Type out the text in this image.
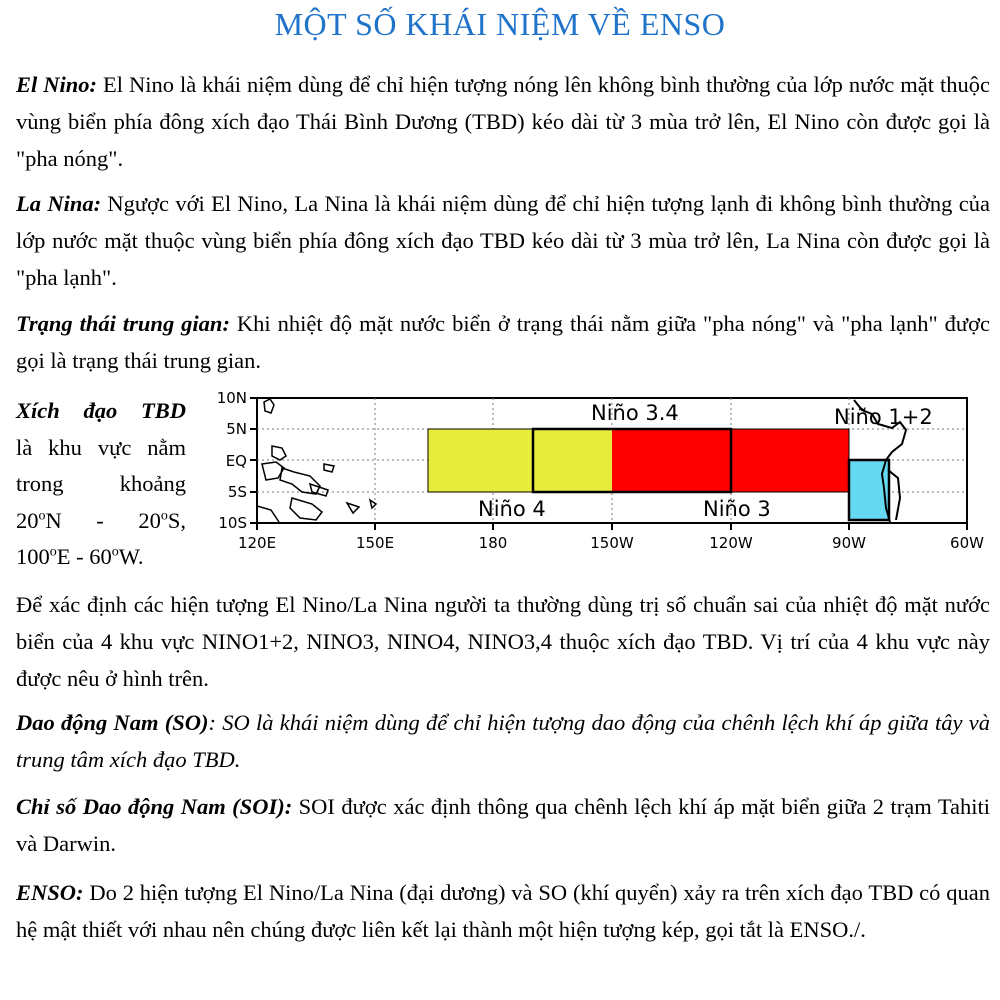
MỘT SỐ KHÁI NIỆM VỀ ENSO
El Nino: El Nino là khái niệm dùng để chỉ hiện tượng nóng lên không bình thường của lớp nước mặt thuộc vùng biển phía đông xích đạo Thái Bình Dương (TBD) kéo dài từ 3 mùa trở lên, El Nino còn được gọi là "pha nóng".
La Nina: Ngược với El Nino, La Nina là khái niệm dùng để chỉ hiện tượng lạnh đi không bình thường của lớp nước mặt thuộc vùng biển phía đông xích đạo TBD kéo dài từ 3 mùa trở lên, La Nina còn được gọi là "pha lạnh".
Trạng thái trung gian: Khi nhiệt độ mặt nước biển ở trạng thái nằm giữa "pha nóng" và "pha lạnh" được gọi là trạng thái trung gian.
Xích đạo TBD
là khu vực nằm
trong	khoảng
20$^o$N - 20$^o$S,
100$^o$E - 60$^o$W.
10N
5N
EQ
5S
10S
120E	150E	180	150W	120W	90W	60W
Niño 3.4
Niño 4	Niño 3
Niño 1+2
Để xác định các hiện tượng El Nino/La Nina người ta thường dùng trị số chuẩn sai của nhiệt độ mặt nước biển của 4 khu vực NINO1+2, NINO3, NINO4, NINO3,4 thuộc xích đạo TBD. Vị trí của 4 khu vực này được nêu ở hình trên.
Dao động Nam (SO): SO là khái niệm dùng để chỉ hiện tượng dao động của chênh lệch khí áp giữa tây và trung tâm xích đạo TBD.
Chỉ số Dao động Nam (SOI): SOI được xác định thông qua chênh lệch khí áp mặt biển giữa 2 trạm Tahiti và Darwin.
ENSO: Do 2 hiện tượng El Nino/La Nina (đại dương) và SO (khí quyển) xảy ra trên xích đạo TBD có quan hệ mật thiết với nhau nên chúng được liên kết lại thành một hiện tượng kép, gọi tắt là ENSO./.
